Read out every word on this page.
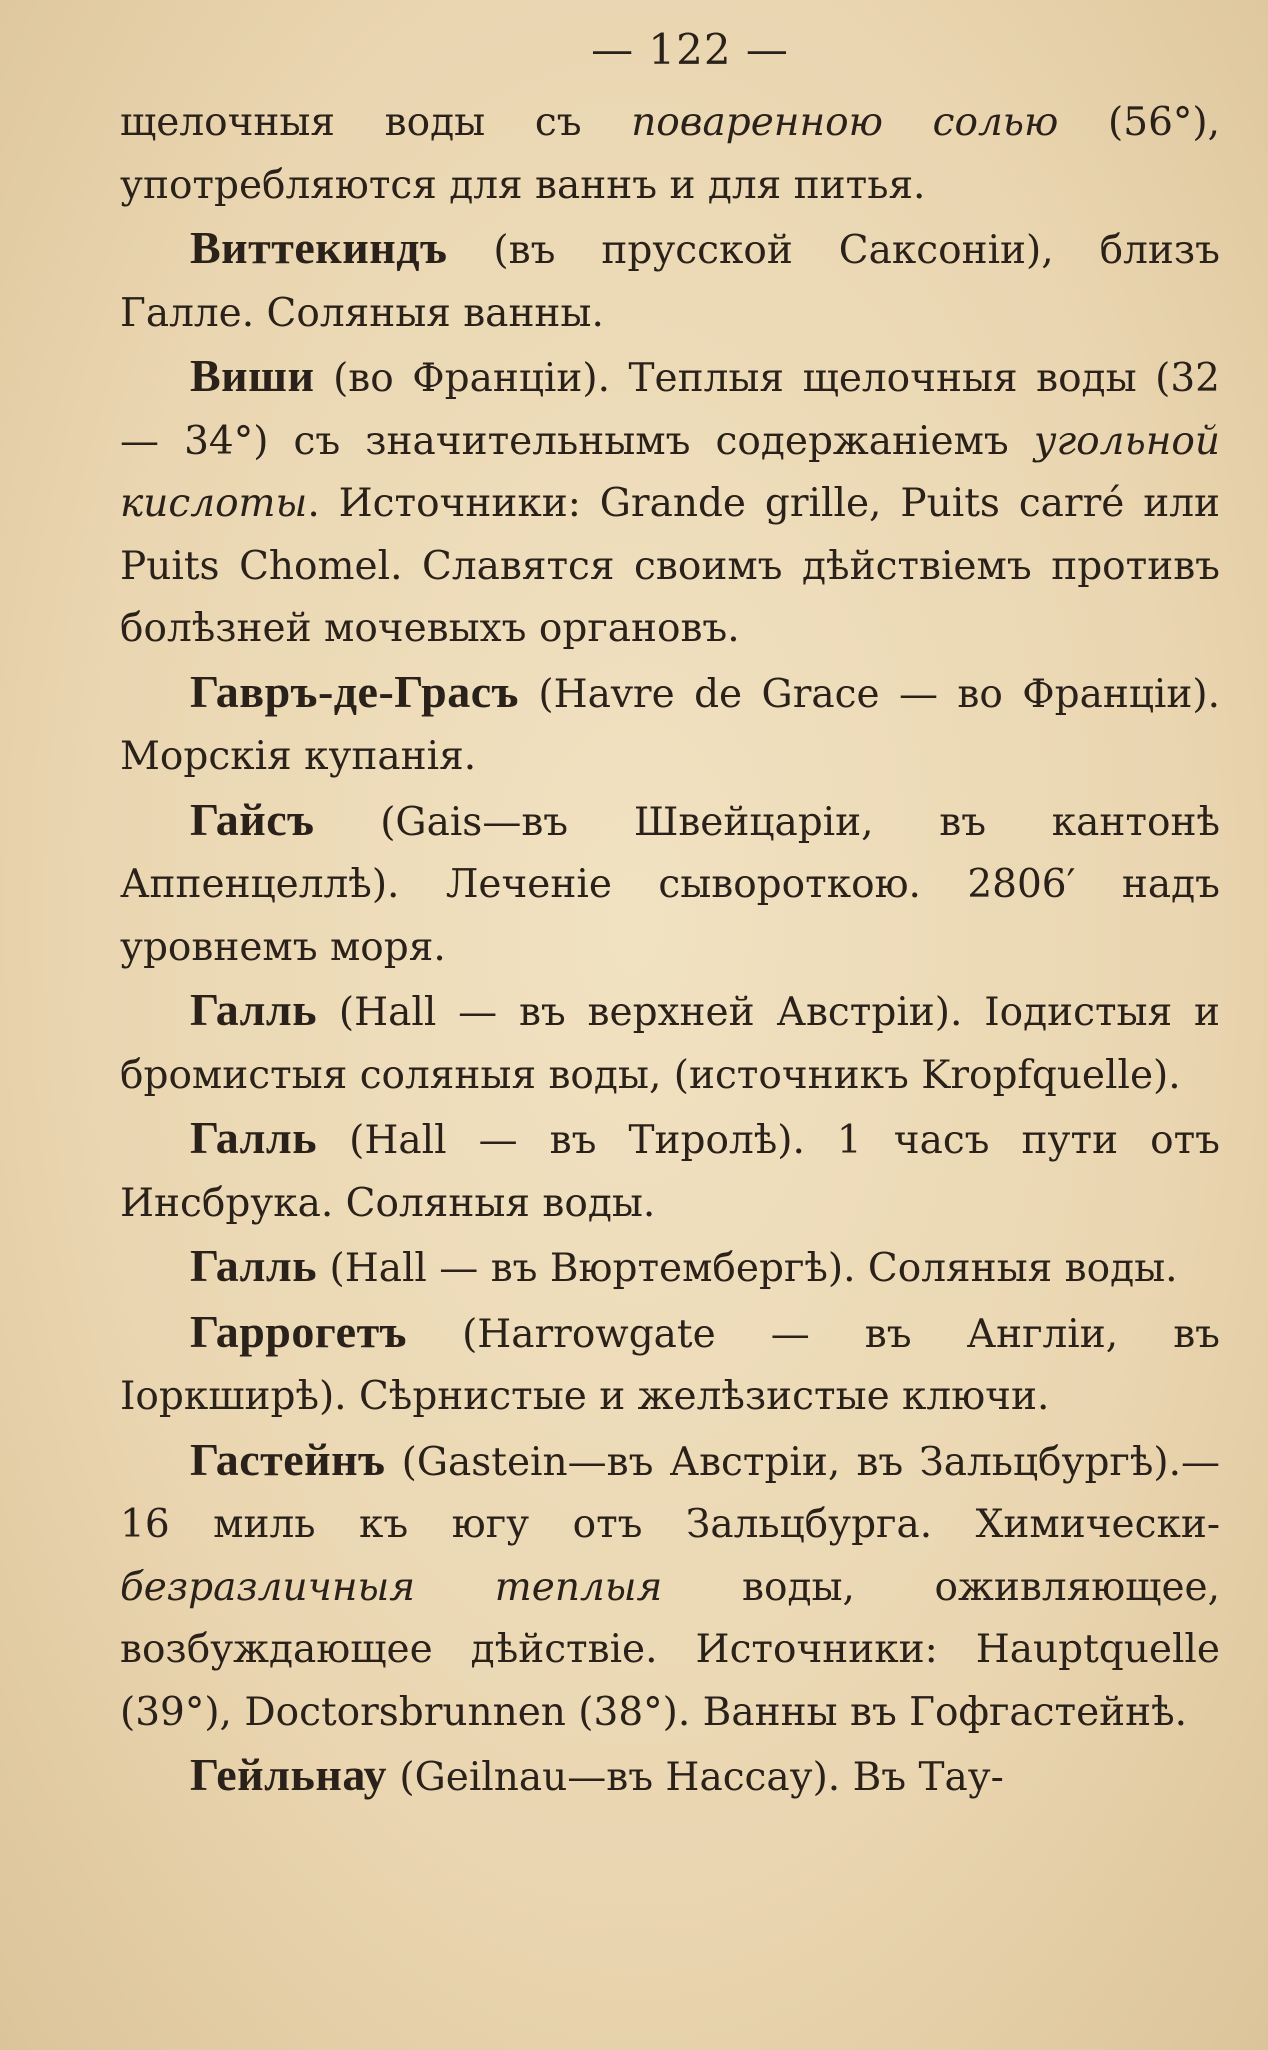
— 122 —

щелочныя воды съ поваренною солью (56°), употребляются для ваннъ и для питья.

Виттекиндъ (въ прусской Саксоніи), близъ Галле. Соляныя ванны.

Виши (во Франціи). Теплыя щелочныя воды (32 — 34°) съ значительнымъ содержаніемъ угольной кислоты. Источники: Grande grille, Puits carré или Puits Chomel. Славятся своимъ дѣйствіемъ противъ болѣзней мочевыхъ органовъ.

Гавръ-де-Грасъ (Havre de Grace — во Франціи). Морскія купанія.

Гайсъ (Gais—въ Швейцаріи, въ кантонѣ Аппенцеллѣ). Леченіе сывороткою. 2806′ надъ уровнемъ моря.

Галль (Hall — въ верхней Австріи). Іодистыя и бромистыя соляныя воды, (источникъ Kropfquelle).

Галль (Hall — въ Тиролѣ). 1 часъ пути отъ Инсбрука. Соляныя воды.

Галль (Hall — въ Вюртембергѣ). Соляныя воды.

Гаррогетъ (Harrowgate — въ Англіи, въ Іоркширѣ). Сѣрнистые и желѣзистые ключи.

Гастейнъ (Gastein—въ Австріи, въ Зальцбургѣ).—16 миль къ югу отъ Зальцбурга. Химически-безразличныя теплыя воды, оживляющее, возбуждающее дѣйствіе. Источники: Hauptquelle (39°), Doctorsbrunnen (38°). Ванны въ Гофгастейнѣ.

Гейльнау (Geilnau—въ Нассау). Въ Тау-
